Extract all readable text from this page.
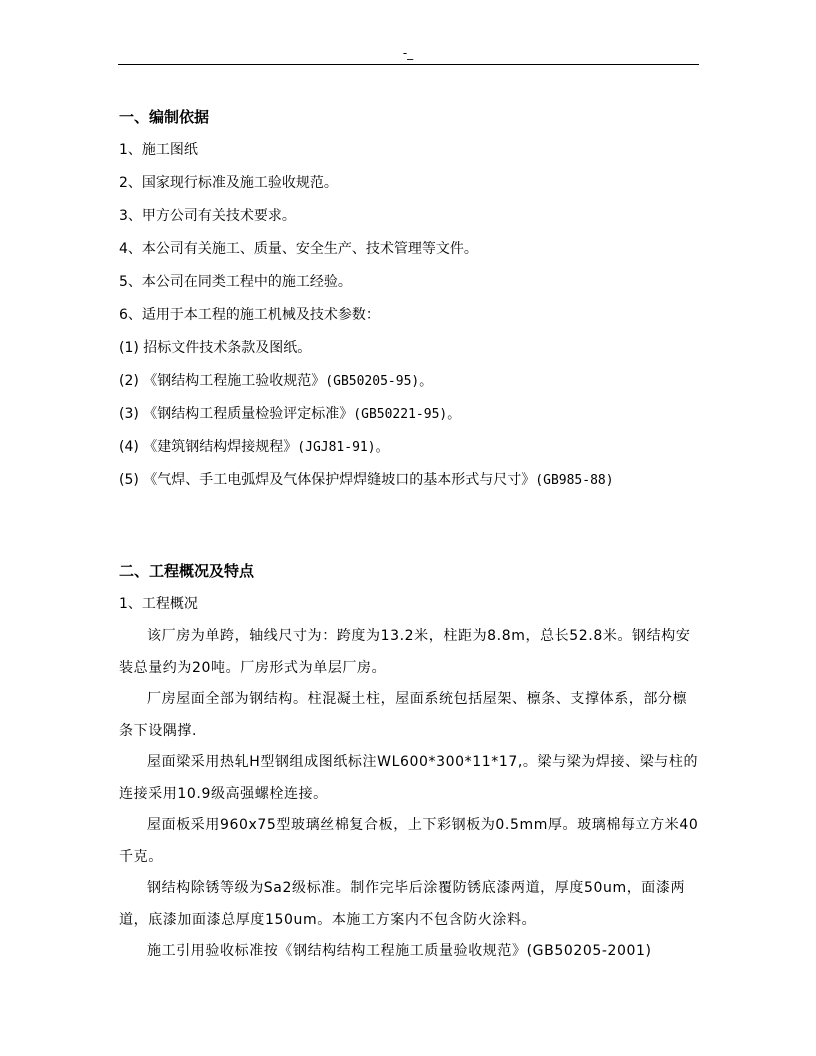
-_

一、编制依据

1、施工图纸

2、国家现行标准及施工验收规范。

3、甲方公司有关技术要求。

4、本公司有关施工、质量、安全生产、技术管理等文件。

5、本公司在同类工程中的施工经验。

6、适用于本工程的施工机械及技术参数：

(1) 招标文件技术条款及图纸。

(2) 《钢结构工程施工验收规范》(GB50205-95)。

(3) 《钢结构工程质量检验评定标准》(GB50221-95)。

(4) 《建筑钢结构焊接规程》(JGJ81-91)。

(5) 《气焊、手工电弧焊及气体保护焊焊缝坡口的基本形式与尺寸》(GB985-88)

二、工程概况及特点

1、工程概况

该厂房为单跨，轴线尺寸为：跨度为13.2米，柱距为8.8m，总长52.8米。钢结构安装总量约为20吨。厂房形式为单层厂房。

厂房屋面全部为钢结构。柱混凝土柱，屋面系统包括屋架、檩条、支撑体系，部分檩条下设隅撑.

屋面梁采用热轧H型钢组成图纸标注WL600*300*11*17,。梁与梁为焊接、梁与柱的连接采用10.9级高强螺栓连接。

屋面板采用960x75型玻璃丝棉复合板，上下彩钢板为0.5mm厚。玻璃棉每立方米40千克。

钢结构除锈等级为Sa2级标准。制作完毕后涂覆防锈底漆两道，厚度50um，面漆两道，底漆加面漆总厚度150um。本施工方案内不包含防火涂料。

施工引用验收标准按《钢结构结构工程施工质量验收规范》(GB50205-2001)
